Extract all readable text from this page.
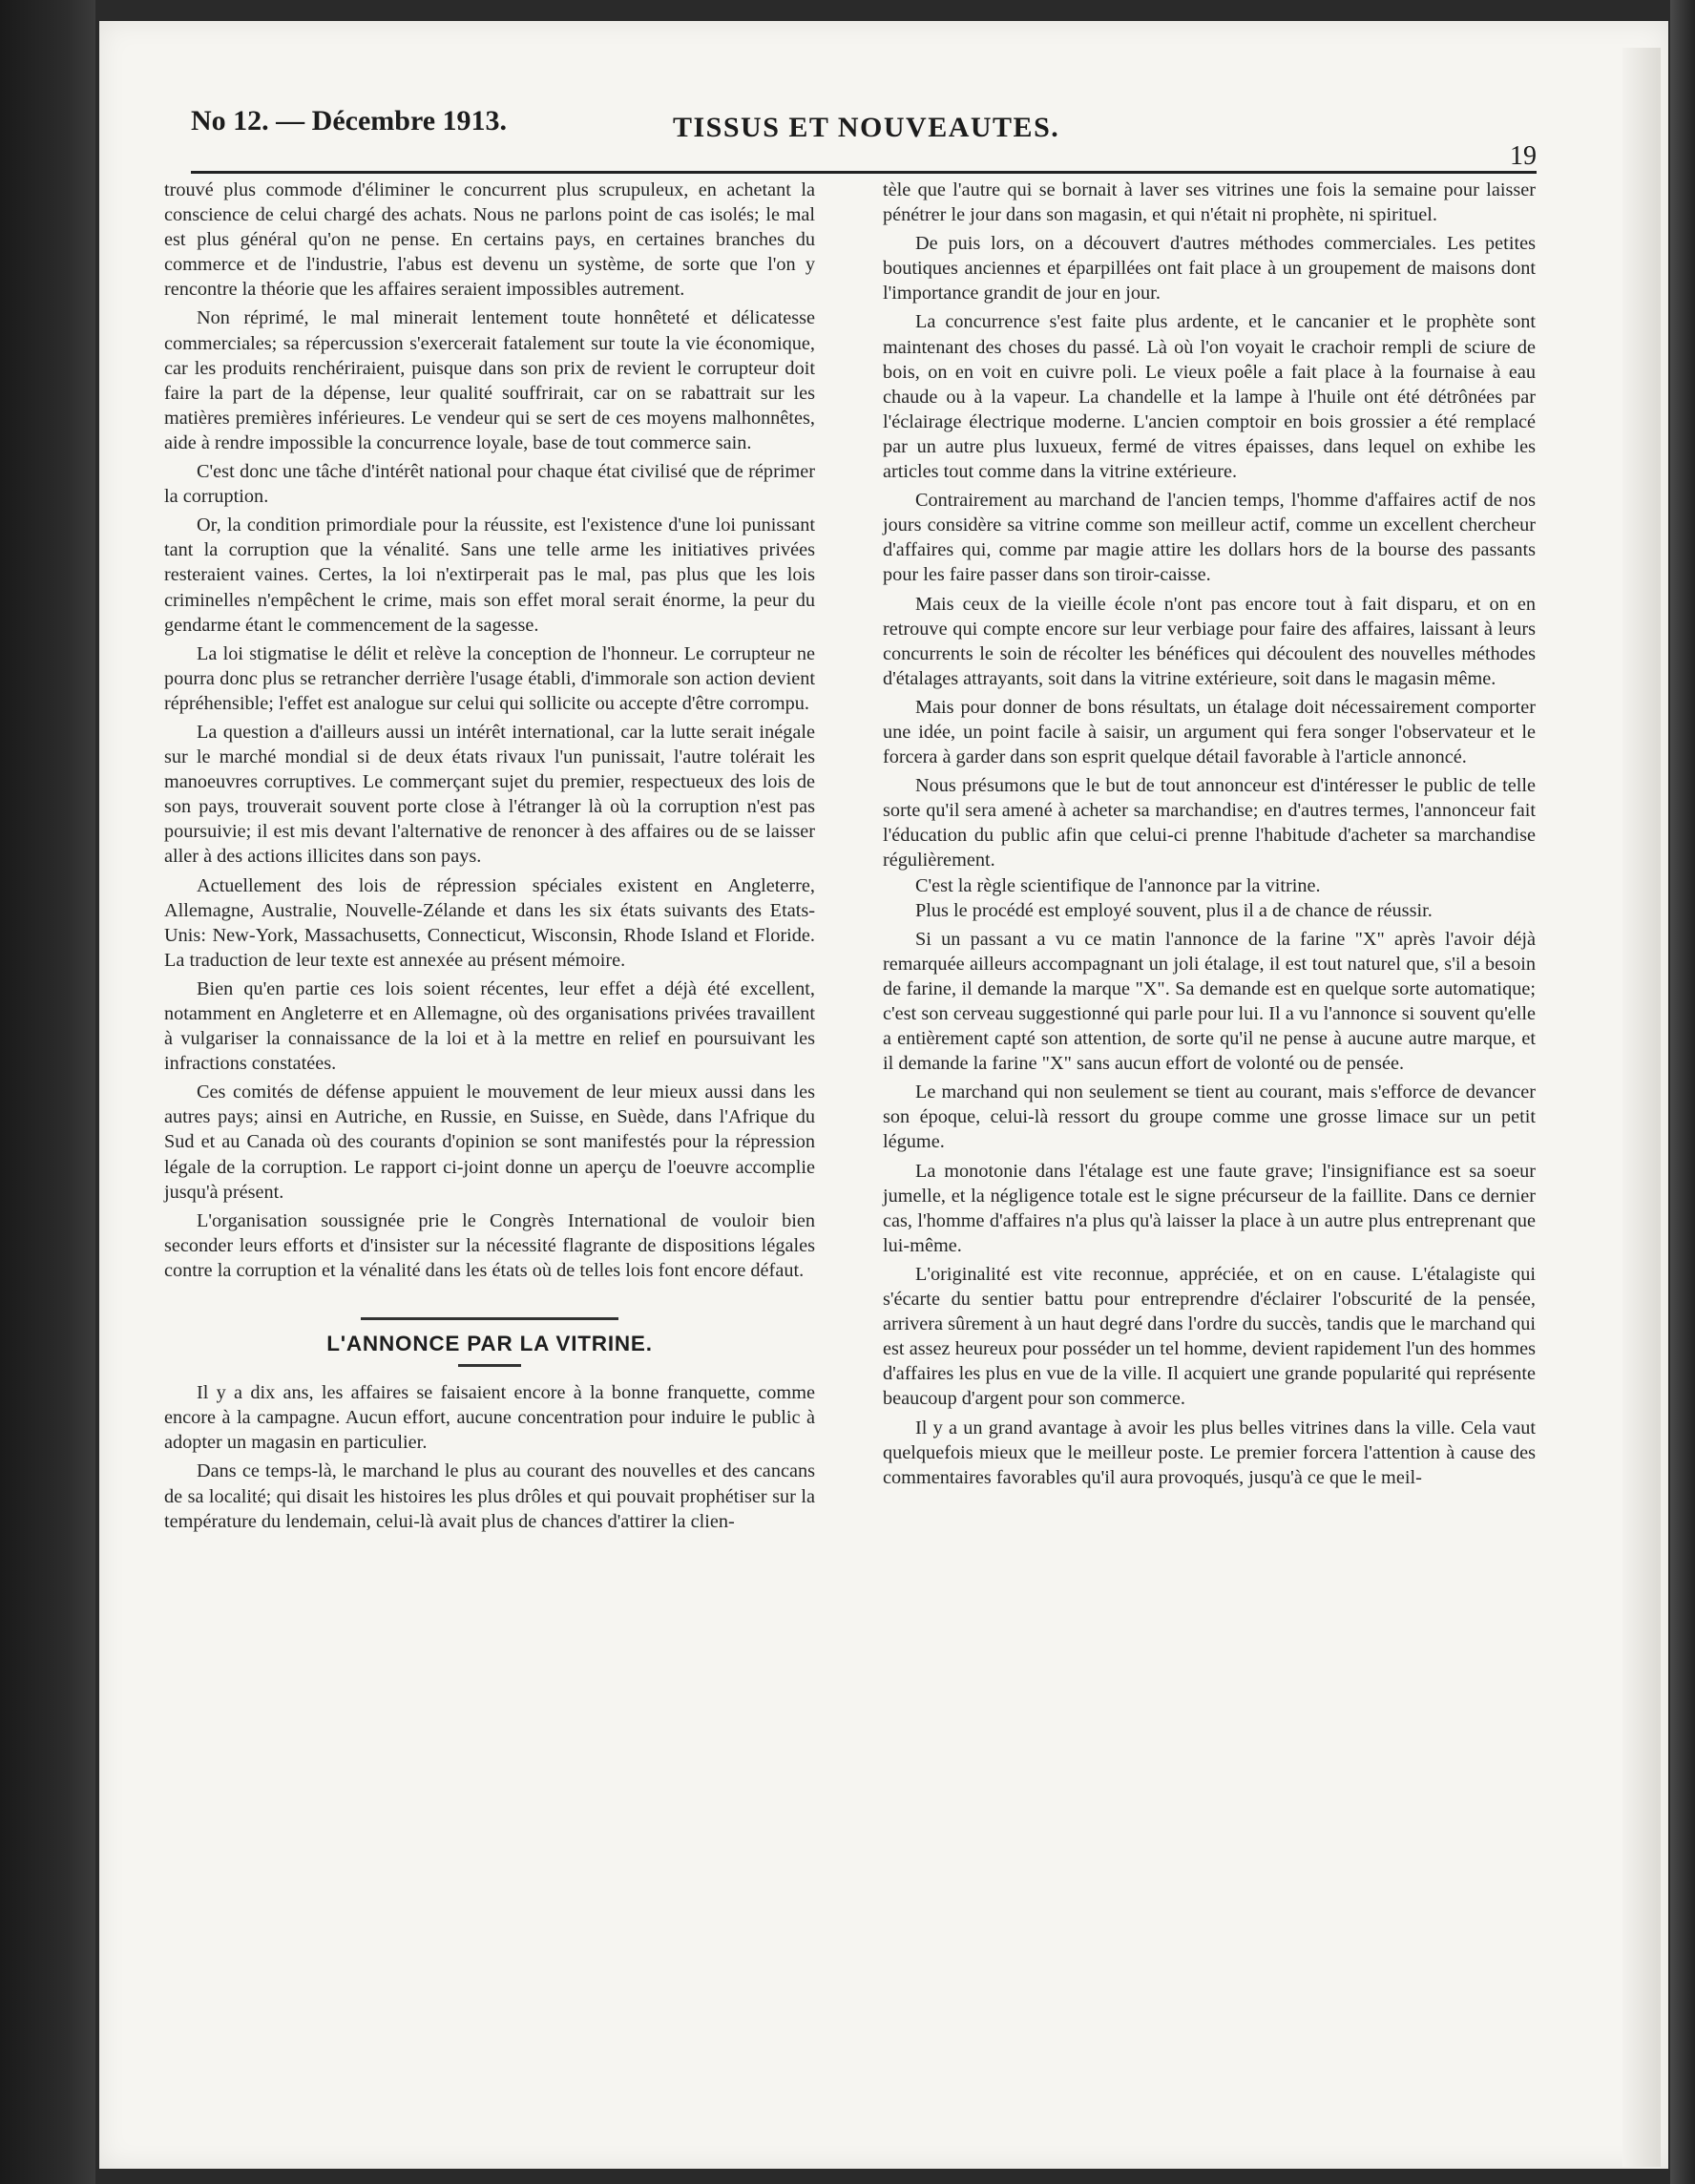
No 12. — Décembre 1913.	TISSUS ET NOUVEAUTES.
19

trouvé plus commode d'éliminer le concurrent plus scrupuleux, en achetant la conscience de celui chargé des achats. Nous ne parlons point de cas isolés; le mal est plus général qu'on ne pense. En certains pays, en certaines branches du commerce et de l'industrie, l'abus est devenu un système, de sorte que l'on y rencontre la théorie que les affaires seraient impossibles autrement.

Non réprimé, le mal minerait lentement toute honnêteté et délicatesse commerciales; sa répercussion s'exercerait fatalement sur toute la vie économique, car les produits renchériraient, puisque dans son prix de revient le corrupteur doit faire la part de la dépense, leur qualité souffrirait, car on se rabattrait sur les matières premières inférieures. Le vendeur qui se sert de ces moyens malhonnêtes, aide à rendre impossible la concurrence loyale, base de tout commerce sain.

C'est donc une tâche d'intérêt national pour chaque état civilisé que de réprimer la corruption.

Or, la condition primordiale pour la réussite, est l'existence d'une loi punissant tant la corruption que la vénalité. Sans une telle arme les initiatives privées resteraient vaines. Certes, la loi n'extirperait pas le mal, pas plus que les lois criminelles n'empêchent le crime, mais son effet moral serait énorme, la peur du gendarme étant le commencement de la sagesse.

La loi stigmatise le délit et relève la conception de l'honneur. Le corrupteur ne pourra donc plus se retrancher derrière l'usage établi, d'immorale son action devient répréhensible; l'effet est analogue sur celui qui sollicite ou accepte d'être corrompu.

La question a d'ailleurs aussi un intérêt international, car la lutte serait inégale sur le marché mondial si de deux états rivaux l'un punissait, l'autre tolérait les manoeuvres corruptives. Le commerçant sujet du premier, respectueux des lois de son pays, trouverait souvent porte close à l'étranger là où la corruption n'est pas poursuivie; il est mis devant l'alternative de renoncer à des affaires ou de se laisser aller à des actions illicites dans son pays.

Actuellement des lois de répression spéciales existent en Angleterre, Allemagne, Australie, Nouvelle-Zélande et dans les six états suivants des Etats-Unis: New-York, Massachusetts, Connecticut, Wisconsin, Rhode Island et Floride. La traduction de leur texte est annexée au présent mémoire.

Bien qu'en partie ces lois soient récentes, leur effet a déjà été excellent, notamment en Angleterre et en Allemagne, où des organisations privées travaillent à vulgariser la connaissance de la loi et à la mettre en relief en poursuivant les infractions constatées.

Ces comités de défense appuient le mouvement de leur mieux aussi dans les autres pays; ainsi en Autriche, en Russie, en Suisse, en Suède, dans l'Afrique du Sud et au Canada où des courants d'opinion se sont manifestés pour la répression légale de la corruption. Le rapport ci-joint donne un aperçu de l'oeuvre accomplie jusqu'à présent.

L'organisation soussignée prie le Congrès International de vouloir bien seconder leurs efforts et d'insister sur la nécessité flagrante de dispositions légales contre la corruption et la vénalité dans les états où de telles lois font encore défaut.

L'ANNONCE PAR LA VITRINE.

Il y a dix ans, les affaires se faisaient encore à la bonne franquette, comme encore à la campagne. Aucun effort, aucune concentration pour induire le public à adopter un magasin en particulier.

Dans ce temps-là, le marchand le plus au courant des nouvelles et des cancans de sa localité; qui disait les histoires les plus drôles et qui pouvait prophétiser sur la température du lendemain, celui-là avait plus de chances d'attirer la clien-

tèle que l'autre qui se bornait à laver ses vitrines une fois la semaine pour laisser pénétrer le jour dans son magasin, et qui n'était ni prophète, ni spirituel.

De puis lors, on a découvert d'autres méthodes commerciales. Les petites boutiques anciennes et éparpillées ont fait place à un groupement de maisons dont l'importance grandit de jour en jour.

La concurrence s'est faite plus ardente, et le cancanier et le prophète sont maintenant des choses du passé. Là où l'on voyait le crachoir rempli de sciure de bois, on en voit en cuivre poli. Le vieux poêle a fait place à la fournaise à eau chaude ou à la vapeur. La chandelle et la lampe à l'huile ont été détrônées par l'éclairage électrique moderne. L'ancien comptoir en bois grossier a été remplacé par un autre plus luxueux, fermé de vitres épaisses, dans lequel on exhibe les articles tout comme dans la vitrine extérieure.

Contrairement au marchand de l'ancien temps, l'homme d'affaires actif de nos jours considère sa vitrine comme son meilleur actif, comme un excellent chercheur d'affaires qui, comme par magie attire les dollars hors de la bourse des passants pour les faire passer dans son tiroir-caisse.

Mais ceux de la vieille école n'ont pas encore tout à fait disparu, et on en retrouve qui compte encore sur leur verbiage pour faire des affaires, laissant à leurs concurrents le soin de récolter les bénéfices qui découlent des nouvelles méthodes d'étalages attrayants, soit dans la vitrine extérieure, soit dans le magasin même.

Mais pour donner de bons résultats, un étalage doit nécessairement comporter une idée, un point facile à saisir, un argument qui fera songer l'observateur et le forcera à garder dans son esprit quelque détail favorable à l'article annoncé.

Nous présumons que le but de tout annonceur est d'intéresser le public de telle sorte qu'il sera amené à acheter sa marchandise; en d'autres termes, l'annonceur fait l'éducation du public afin que celui-ci prenne l'habitude d'acheter sa marchandise régulièrement.

C'est la règle scientifique de l'annonce par la vitrine.

Plus le procédé est employé souvent, plus il a de chance de réussir.

Si un passant a vu ce matin l'annonce de la farine "X" après l'avoir déjà remarquée ailleurs accompagnant un joli étalage, il est tout naturel que, s'il a besoin de farine, il demande la marque "X". Sa demande est en quelque sorte automatique; c'est son cerveau suggestionné qui parle pour lui. Il a vu l'annonce si souvent qu'elle a entièrement capté son attention, de sorte qu'il ne pense à aucune autre marque, et il demande la farine "X" sans aucun effort de volonté ou de pensée.

Le marchand qui non seulement se tient au courant, mais s'efforce de devancer son époque, celui-là ressort du groupe comme une grosse limace sur un petit légume.

La monotonie dans l'étalage est une faute grave; l'insignifiance est sa soeur jumelle, et la négligence totale est le signe précurseur de la faillite. Dans ce dernier cas, l'homme d'affaires n'a plus qu'à laisser la place à un autre plus entreprenant que lui-même.

L'originalité est vite reconnue, appréciée, et on en cause. L'étalagiste qui s'écarte du sentier battu pour entreprendre d'éclairer l'obscurité de la pensée, arrivera sûrement à un haut degré dans l'ordre du succès, tandis que le marchand qui est assez heureux pour posséder un tel homme, devient rapidement l'un des hommes d'affaires les plus en vue de la ville. Il acquiert une grande popularité qui représente beaucoup d'argent pour son commerce.

Il y a un grand avantage à avoir les plus belles vitrines dans la ville. Cela vaut quelquefois mieux que le meilleur poste. Le premier forcera l'attention à cause des commentaires favorables qu'il aura provoqués, jusqu'à ce que le meil-
